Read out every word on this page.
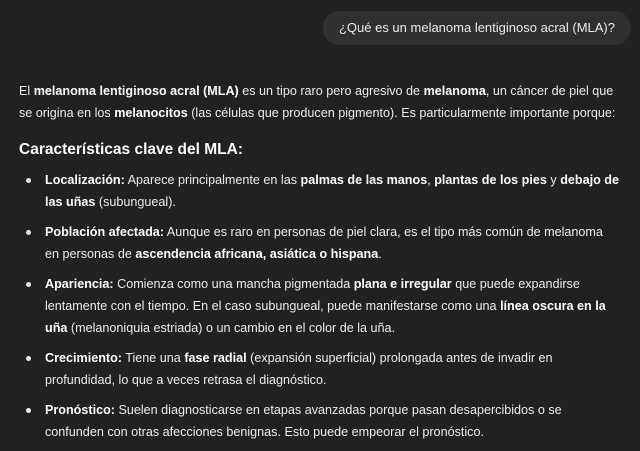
¿Qué es un melanoma lentiginoso acral (MLA)?

El melanoma lentiginoso acral (MLA) es un tipo raro pero agresivo de melanoma, un cáncer de piel que se origina en los melanocitos (las células que producen pigmento). Es particularmente importante porque:

Características clave del MLA:
Localización: Aparece principalmente en las palmas de las manos, plantas de los pies y debajo de las uñas (subungueal).
Población afectada: Aunque es raro en personas de piel clara, es el tipo más común de melanoma en personas de ascendencia africana, asiática o hispana.
Apariencia: Comienza como una mancha pigmentada plana e irregular que puede expandirse lentamente con el tiempo. En el caso subungueal, puede manifestarse como una línea oscura en la uña (melanoniquia estriada) o un cambio en el color de la uña.
Crecimiento: Tiene una fase radial (expansión superficial) prolongada antes de invadir en profundidad, lo que a veces retrasa el diagnóstico.
Pronóstico: Suelen diagnosticarse en etapas avanzadas porque pasan desapercibidos o se confunden con otras afecciones benignas. Esto puede empeorar el pronóstico.
